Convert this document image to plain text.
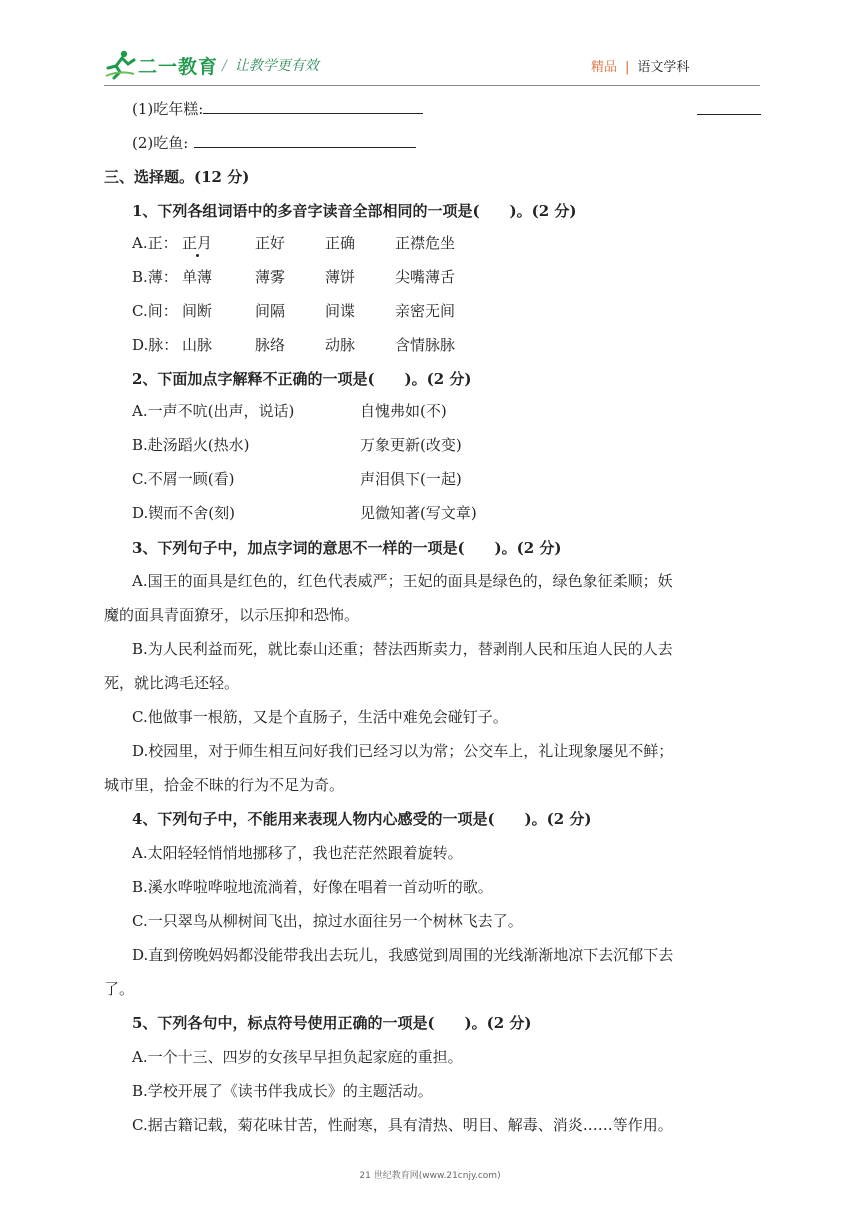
二一教育 / 让教学更有效	精品 | 语文学科
(1)吃年糕:
(2)吃鱼:
三、选择题。(12 分)
1、下列各组词语中的多音字读音全部相同的一项是(　　)。(2 分)
A.正： 正月	正好	正确	正襟危坐
B.薄： 单薄	薄雾	薄饼	尖嘴薄舌
C.间： 间断	间隔	间谍	亲密无间
D.脉： 山脉	脉络	动脉	含情脉脉
2、下面加点字解释不正确的一项是(　　)。(2 分)
A.一声不吭(出声，说话)	自愧弗如(不)
B.赴汤蹈火(热水)	万象更新(改变)
C.不屑一顾(看)	声泪俱下(一起)
D.锲而不舍(刻)	见微知著(写文章)
3、下列句子中，加点字词的意思不一样的一项是(　　)。(2 分)
A.国王的面具是红色的，红色代表威严；王妃的面具是绿色的，绿色象征柔顺；妖
魔的面具青面獠牙，以示压抑和恐怖。
B.为人民利益而死，就比泰山还重；替法西斯卖力，替剥削人民和压迫人民的人去
死，就比鸿毛还轻。
C.他做事一根筋，又是个直肠子，生活中难免会碰钉子。
D.校园里，对于师生相互问好我们已经习以为常；公交车上，礼让现象屡见不鲜；
城市里，拾金不昧的行为不足为奇。
4、下列句子中，不能用来表现人物内心感受的一项是(　　)。(2 分)
A.太阳轻轻悄悄地挪移了，我也茫茫然跟着旋转。
B.溪水哗啦哗啦地流淌着，好像在唱着一首动听的歌。
C.一只翠鸟从柳树间飞出，掠过水面往另一个树林飞去了。
D.直到傍晚妈妈都没能带我出去玩儿，我感觉到周围的光线渐渐地凉下去沉郁下去
了。
5、下列各句中，标点符号使用正确的一项是(　　)。(2 分)
A.一个十三、四岁的女孩早早担负起家庭的重担。
B.学校开展了《读书伴我成长》的主题活动。
C.据古籍记载，菊花味甘苦，性耐寒，具有清热、明目、解毒、消炎……等作用。
21 世纪教育网(www.21cnjy.com)
